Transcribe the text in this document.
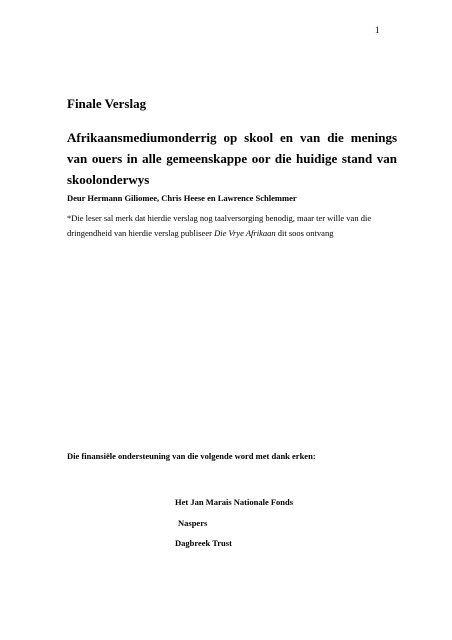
1
Finale Verslag
Afrikaansmediumonderrig op skool en van die menings van ouers in alle gemeenskappe oor die huidige stand van skoolonderwys
Deur Hermann Giliomee, Chris Heese en Lawrence Schlemmer
*Die leser sal merk dat hierdie verslag nog taalversorging benodig, maar ter wille van die dringendheid van hierdie verslag publiseer Die Vrye Afrikaan dit soos ontvang
Die finansiële ondersteuning van die volgende word met dank erken:
Het Jan Marais Nationale Fonds
Naspers
Dagbreek Trust
